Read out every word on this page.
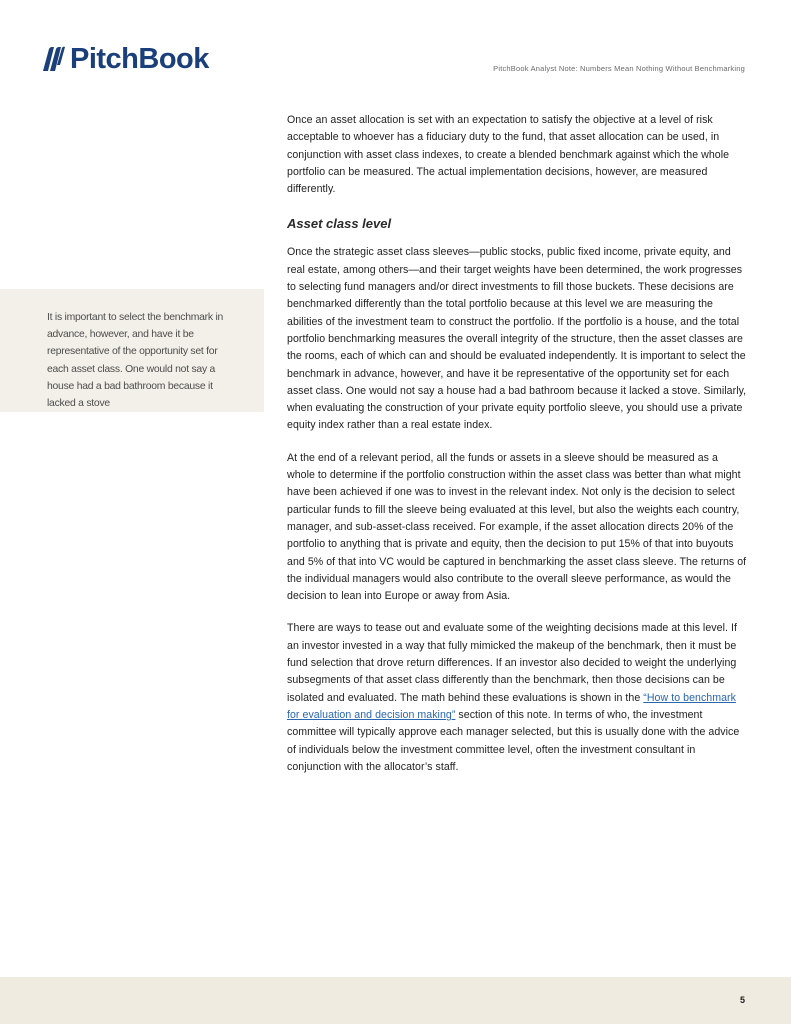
PitchBook	PitchBook Analyst Note: Numbers Mean Nothing Without Benchmarking

It is important to select the benchmark in advance, however, and have it be representative of the opportunity set for each asset class. One would not say a house had a bad bathroom because it lacked a stove

Once an asset allocation is set with an expectation to satisfy the objective at a level of risk acceptable to whoever has a fiduciary duty to the fund, that asset allocation can be used, in conjunction with asset class indexes, to create a blended benchmark against which the whole portfolio can be measured. The actual implementation decisions, however, are measured differently.

Asset class level

Once the strategic asset class sleeves—public stocks, public fixed income, private equity, and real estate, among others—and their target weights have been determined, the work progresses to selecting fund managers and/or direct investments to fill those buckets. These decisions are benchmarked differently than the total portfolio because at this level we are measuring the abilities of the investment team to construct the portfolio. If the portfolio is a house, and the total portfolio benchmarking measures the overall integrity of the structure, then the asset classes are the rooms, each of which can and should be evaluated independently. It is important to select the benchmark in advance, however, and have it be representative of the opportunity set for each asset class. One would not say a house had a bad bathroom because it lacked a stove. Similarly, when evaluating the construction of your private equity portfolio sleeve, you should use a private equity index rather than a real estate index.

At the end of a relevant period, all the funds or assets in a sleeve should be measured as a whole to determine if the portfolio construction within the asset class was better than what might have been achieved if one was to invest in the relevant index. Not only is the decision to select particular funds to fill the sleeve being evaluated at this level, but also the weights each country, manager, and sub-asset-class received. For example, if the asset allocation directs 20% of the portfolio to anything that is private and equity, then the decision to put 15% of that into buyouts and 5% of that into VC would be captured in benchmarking the asset class sleeve. The returns of the individual managers would also contribute to the overall sleeve performance, as would the decision to lean into Europe or away from Asia.

There are ways to tease out and evaluate some of the weighting decisions made at this level. If an investor invested in a way that fully mimicked the makeup of the benchmark, then it must be fund selection that drove return differences. If an investor also decided to weight the underlying subsegments of that asset class differently than the benchmark, then those decisions can be isolated and evaluated. The math behind these evaluations is shown in the “How to benchmark for evaluation and decision making” section of this note. In terms of who, the investment committee will typically approve each manager selected, but this is usually done with the advice of individuals below the investment committee level, often the investment consultant in conjunction with the allocator’s staff.

5
